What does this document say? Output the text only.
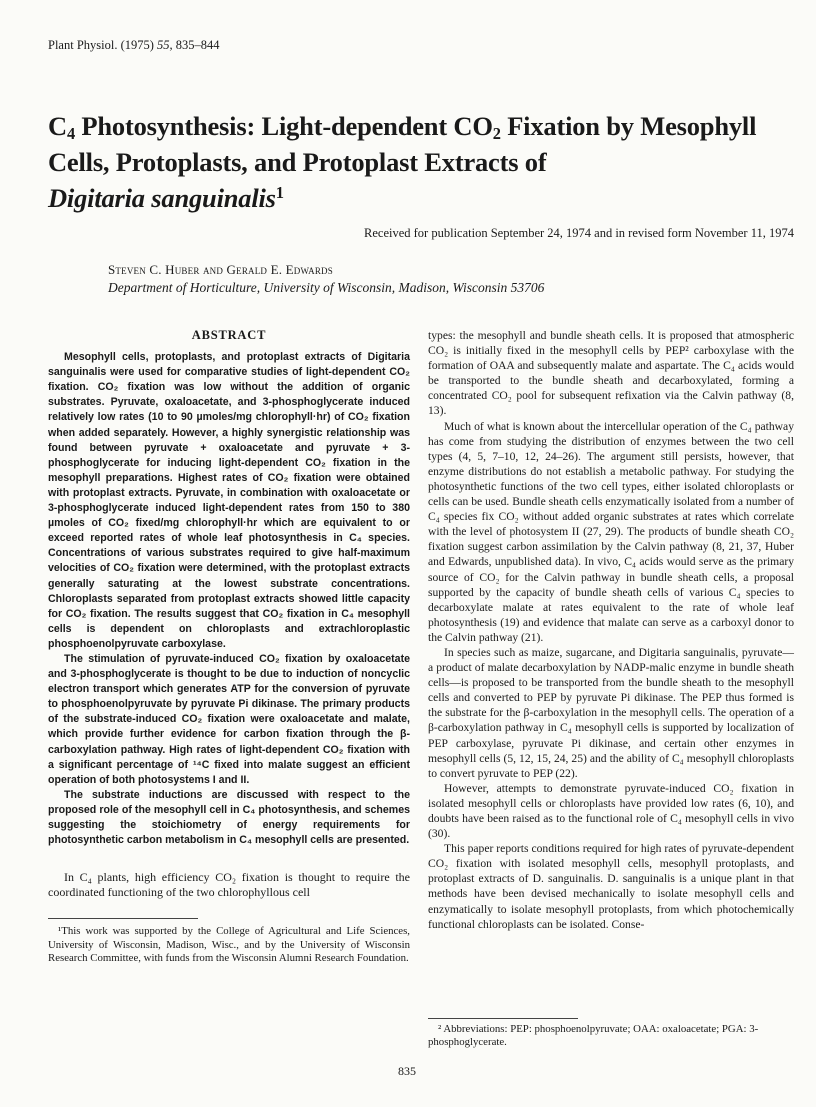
Plant Physiol. (1975) 55, 835–844
$C_4$ Photosynthesis: Light-dependent $CO_2$ Fixation by Mesophyll
Cells, Protoplasts, and Protoplast Extracts of
Digitaria sanguinalis$^1$
Received for publication September 24, 1974 and in revised form November 11, 1974
Steven C. Huber and Gerald E. Edwards
Department of Horticulture, University of Wisconsin, Madison, Wisconsin 53706
ABSTRACT

Mesophyll cells, protoplasts, and protoplast extracts of Digitaria sanguinalis were used for comparative studies of light-dependent CO₂ fixation. CO₂ fixation was low without the addition of organic substrates. Pyruvate, oxaloacetate, and 3-phosphoglycerate induced relatively low rates (10 to 90 µmoles/mg chlorophyll·hr) of CO₂ fixation when added separately. However, a highly synergistic relationship was found between pyruvate + oxaloacetate and pyruvate + 3-phosphoglycerate for inducing light-dependent CO₂ fixation in the mesophyll preparations. Highest rates of CO₂ fixation were obtained with protoplast extracts. Pyruvate, in combination with oxaloacetate or 3-phosphoglycerate induced light-dependent rates from 150 to 380 µmoles of CO₂ fixed/mg chlorophyll·hr which are equivalent to or exceed reported rates of whole leaf photosynthesis in C₄ species. Concentrations of various substrates required to give half-maximum velocities of CO₂ fixation were determined, with the protoplast extracts generally saturating at the lowest substrate concentrations. Chloroplasts separated from protoplast extracts showed little capacity for CO₂ fixation. The results suggest that CO₂ fixation in C₄ mesophyll cells is dependent on chloroplasts and extrachloroplastic phosphoenolpyruvate carboxylase.

The stimulation of pyruvate-induced CO₂ fixation by oxaloacetate and 3-phosphoglycerate is thought to be due to induction of noncyclic electron transport which generates ATP for the conversion of pyruvate to phosphoenolpyruvate by pyruvate Pi dikinase. The primary products of the substrate-induced CO₂ fixation were oxaloacetate and malate, which provide further evidence for carbon fixation through the β-carboxylation pathway. High rates of light-dependent CO₂ fixation with a significant percentage of ¹⁴C fixed into malate suggest an efficient operation of both photosystems I and II.

The substrate inductions are discussed with respect to the proposed role of the mesophyll cell in C₄ photosynthesis, and schemes suggesting the stoichiometry of energy requirements for photosynthetic carbon metabolism in C₄ mesophyll cells are presented.

In C₄ plants, high efficiency CO₂ fixation is thought to require the coordinated functioning of the two chlorophyllous cell

¹This work was supported by the College of Agricultural and Life Sciences, University of Wisconsin, Madison, Wisc., and by the University of Wisconsin Research Committee, with funds from the Wisconsin Alumni Research Foundation.

types: the mesophyll and bundle sheath cells. It is proposed that atmospheric CO₂ is initially fixed in the mesophyll cells by PEP² carboxylase with the formation of OAA and subsequently malate and aspartate. The C₄ acids would be transported to the bundle sheath and decarboxylated, forming a concentrated CO₂ pool for subsequent refixation via the Calvin pathway (8, 13).

Much of what is known about the intercellular operation of the C₄ pathway has come from studying the distribution of enzymes between the two cell types (4, 5, 7–10, 12, 24–26). The argument still persists, however, that enzyme distributions do not establish a metabolic pathway. For studying the photosynthetic functions of the two cell types, either isolated chloroplasts or cells can be used. Bundle sheath cells enzymatically isolated from a number of C₄ species fix CO₂ without added organic substrates at rates which correlate with the level of photosystem II (27, 29). The products of bundle sheath CO₂ fixation suggest carbon assimilation by the Calvin pathway (8, 21, 37, Huber and Edwards, unpublished data). In vivo, C₄ acids would serve as the primary source of CO₂ for the Calvin pathway in bundle sheath cells, a proposal supported by the capacity of bundle sheath cells of various C₄ species to decarboxylate malate at rates equivalent to the rate of whole leaf photosynthesis (19) and evidence that malate can serve as a carboxyl donor to the Calvin pathway (21).

In species such as maize, sugarcane, and Digitaria sanguinalis, pyruvate—a product of malate decarboxylation by NADP-malic enzyme in bundle sheath cells—is proposed to be transported from the bundle sheath to the mesophyll cells and converted to PEP by pyruvate Pi dikinase. The PEP thus formed is the substrate for the β-carboxylation in the mesophyll cells. The operation of a β-carboxylation pathway in C₄ mesophyll cells is supported by localization of PEP carboxylase, pyruvate Pi dikinase, and certain other enzymes in mesophyll cells (5, 12, 15, 24, 25) and the ability of C₄ mesophyll chloroplasts to convert pyruvate to PEP (22).

However, attempts to demonstrate pyruvate-induced CO₂ fixation in isolated mesophyll cells or chloroplasts have provided low rates (6, 10), and doubts have been raised as to the functional role of C₄ mesophyll cells in vivo (30).

This paper reports conditions required for high rates of pyruvate-dependent CO₂ fixation with isolated mesophyll cells, mesophyll protoplasts, and protoplast extracts of D. sanguinalis. D. sanguinalis is a unique plant in that methods have been devised mechanically to isolate mesophyll cells and enzymatically to isolate mesophyll protoplasts, from which photochemically functional chloroplasts can be isolated. Conse-

² Abbreviations: PEP: phosphoenolpyruvate; OAA: oxaloacetate; PGA: 3-phosphoglycerate.

835
